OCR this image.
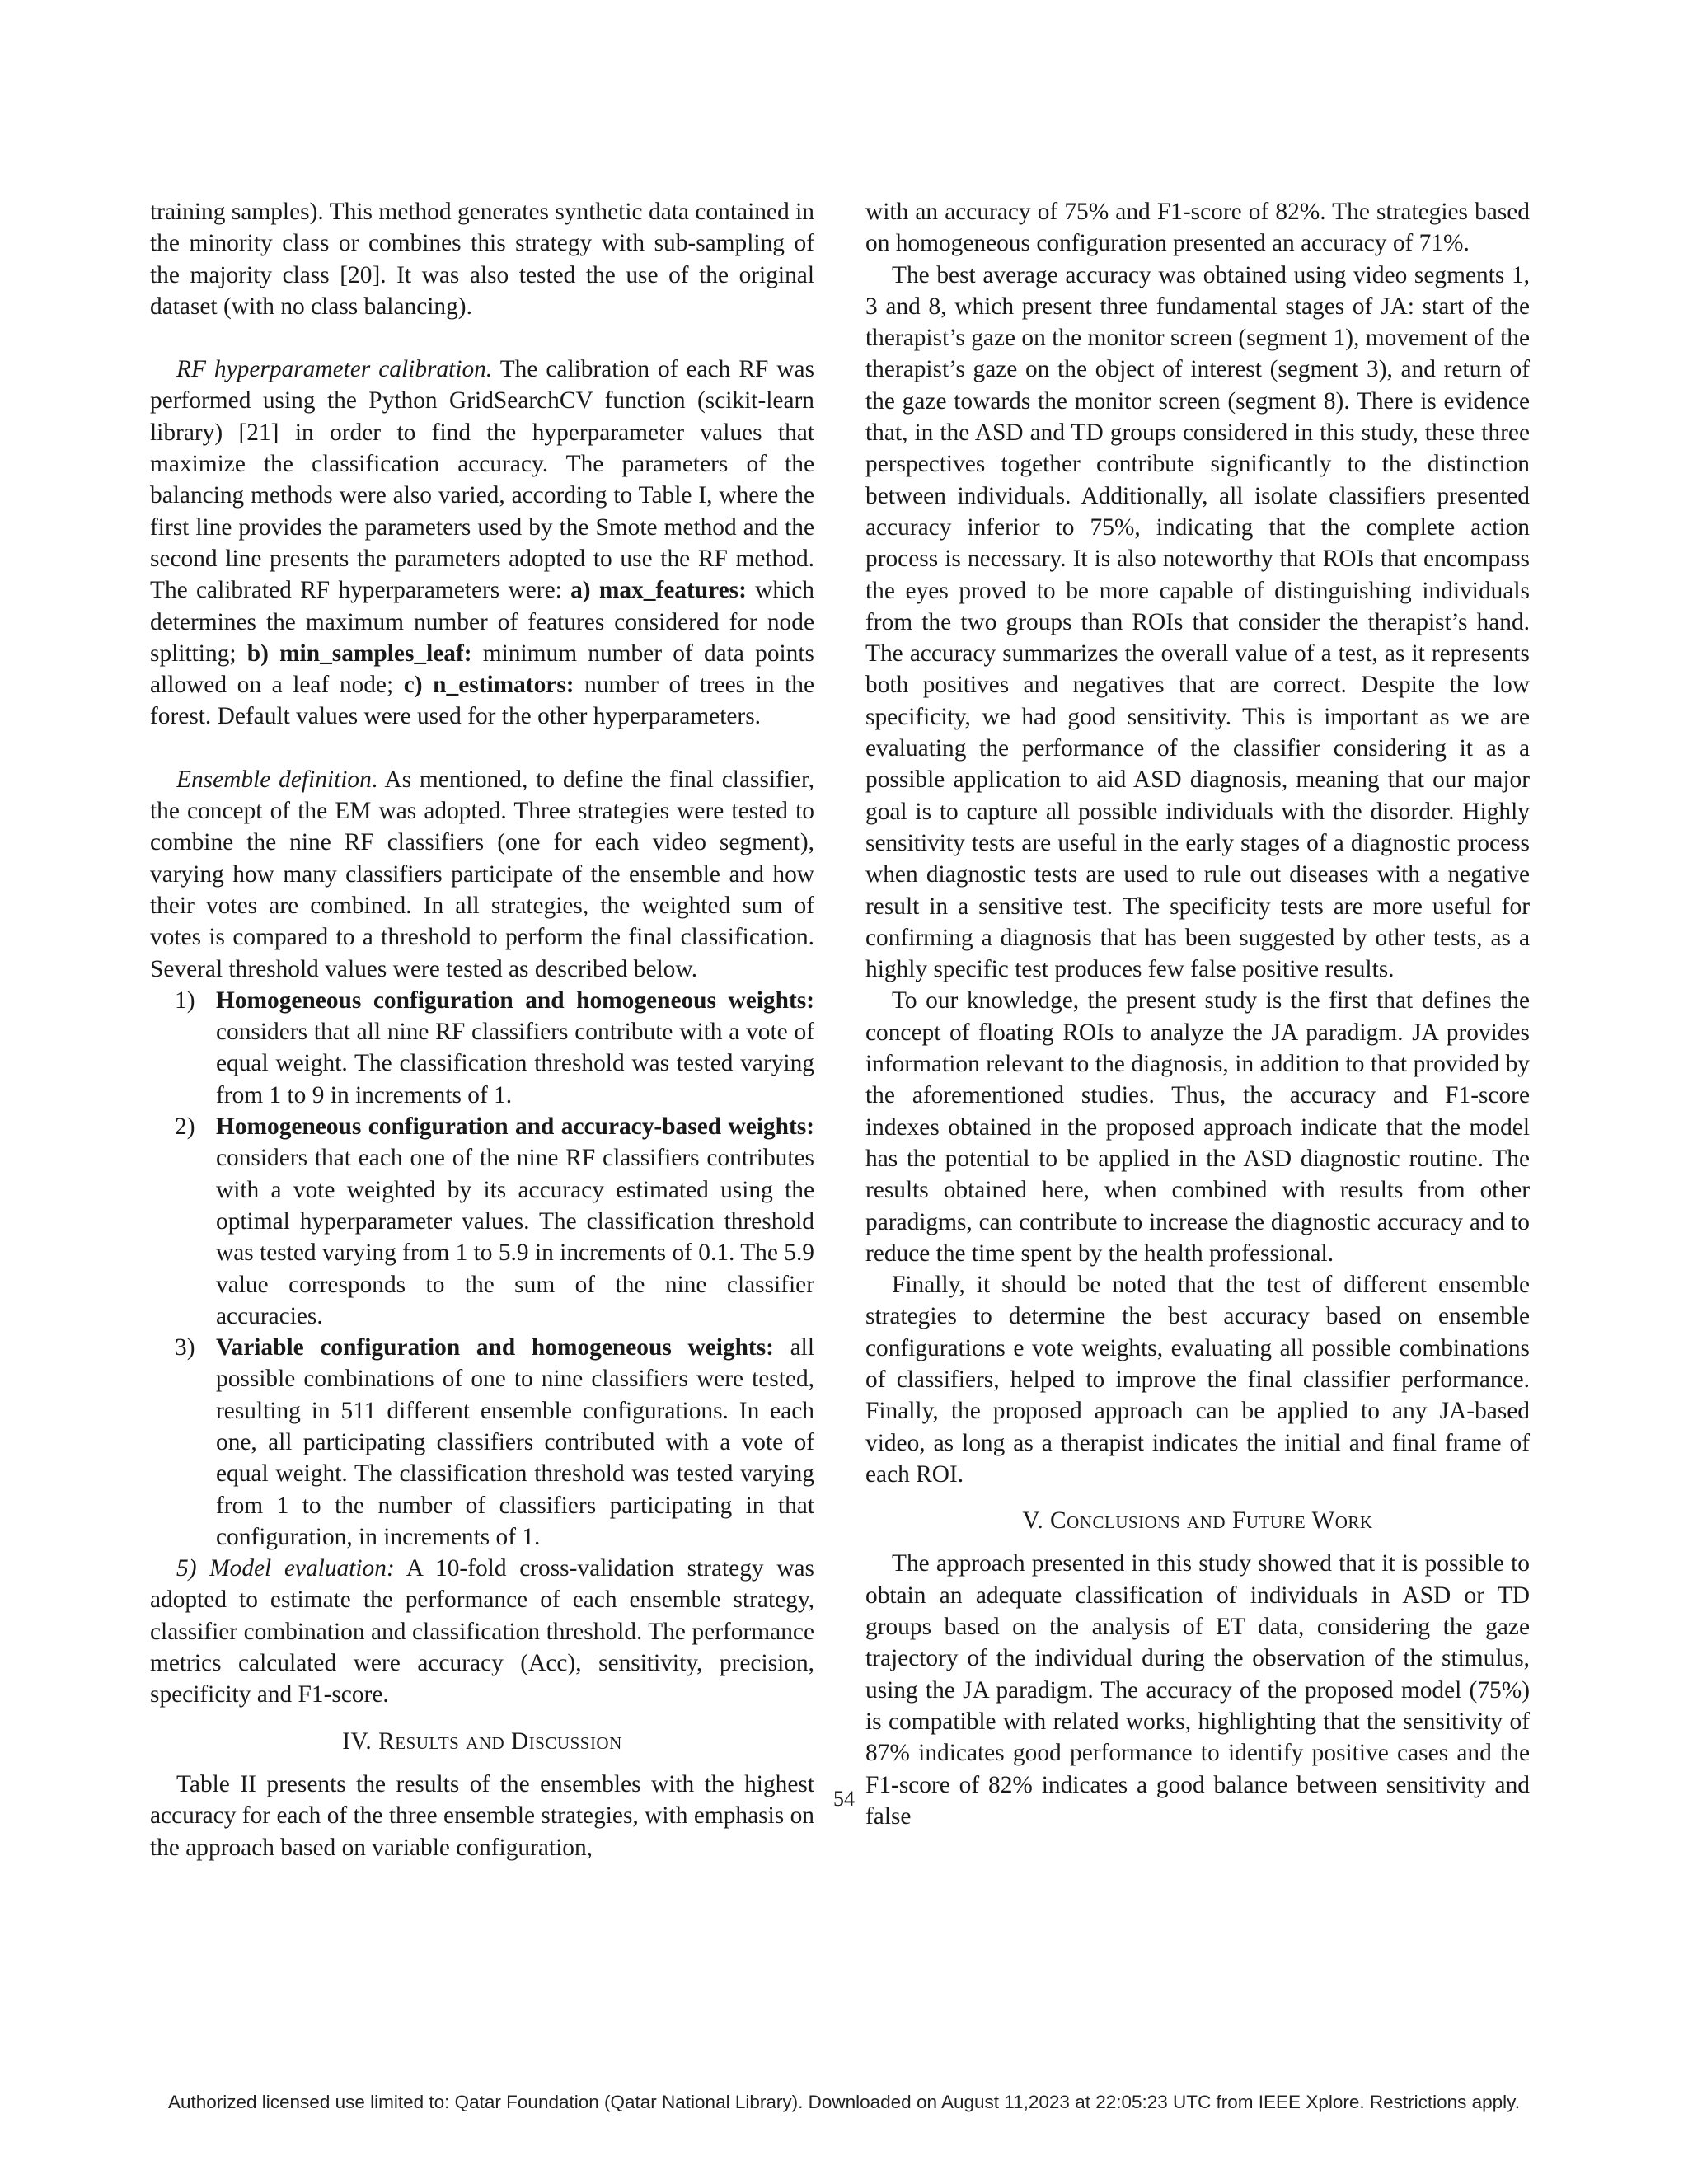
training samples). This method generates synthetic data contained in the minority class or combines this strategy with sub-sampling of the majority class [20]. It was also tested the use of the original dataset (with no class balancing).

RF hyperparameter calibration. The calibration of each RF was performed using the Python GridSearchCV function (scikit-learn library) [21] in order to find the hyperparameter values that maximize the classification accuracy. The parameters of the balancing methods were also varied, according to Table I, where the first line provides the parameters used by the Smote method and the second line presents the parameters adopted to use the RF method. The calibrated RF hyperparameters were: a) max_features: which determines the maximum number of features considered for node splitting; b) min_samples_leaf: minimum number of data points allowed on a leaf node; c) n_estimators: number of trees in the forest. Default values were used for the other hyperparameters.

Ensemble definition. As mentioned, to define the final classifier, the concept of the EM was adopted. Three strategies were tested to combine the nine RF classifiers (one for each video segment), varying how many classifiers participate of the ensemble and how their votes are combined. In all strategies, the weighted sum of votes is compared to a threshold to perform the final classification. Several threshold values were tested as described below.

1) Homogeneous configuration and homogeneous weights: considers that all nine RF classifiers contribute with a vote of equal weight. The classification threshold was tested varying from 1 to 9 in increments of 1.
2) Homogeneous configuration and accuracy-based weights: considers that each one of the nine RF classifiers contributes with a vote weighted by its accuracy estimated using the optimal hyperparameter values. The classification threshold was tested varying from 1 to 5.9 in increments of 0.1. The 5.9 value corresponds to the sum of the nine classifier accuracies.
3) Variable configuration and homogeneous weights: all possible combinations of one to nine classifiers were tested, resulting in 511 different ensemble configurations. In each one, all participating classifiers contributed with a vote of equal weight. The classification threshold was tested varying from 1 to the number of classifiers participating in that configuration, in increments of 1.

5) Model evaluation: A 10-fold cross-validation strategy was adopted to estimate the performance of each ensemble strategy, classifier combination and classification threshold. The performance metrics calculated were accuracy (Acc), sensitivity, precision, specificity and F1-score.

IV. Results and Discussion

Table II presents the results of the ensembles with the highest accuracy for each of the three ensemble strategies, with emphasis on the approach based on variable configuration,

with an accuracy of 75% and F1-score of 82%. The strategies based on homogeneous configuration presented an accuracy of 71%.

The best average accuracy was obtained using video segments 1, 3 and 8, which present three fundamental stages of JA: start of the therapist’s gaze on the monitor screen (segment 1), movement of the therapist’s gaze on the object of interest (segment 3), and return of the gaze towards the monitor screen (segment 8). There is evidence that, in the ASD and TD groups considered in this study, these three perspectives together contribute significantly to the distinction between individuals. Additionally, all isolate classifiers presented accuracy inferior to 75%, indicating that the complete action process is necessary. It is also noteworthy that ROIs that encompass the eyes proved to be more capable of distinguishing individuals from the two groups than ROIs that consider the therapist’s hand. The accuracy summarizes the overall value of a test, as it represents both positives and negatives that are correct. Despite the low specificity, we had good sensitivity. This is important as we are evaluating the performance of the classifier considering it as a possible application to aid ASD diagnosis, meaning that our major goal is to capture all possible individuals with the disorder. Highly sensitivity tests are useful in the early stages of a diagnostic process when diagnostic tests are used to rule out diseases with a negative result in a sensitive test. The specificity tests are more useful for confirming a diagnosis that has been suggested by other tests, as a highly specific test produces few false positive results.

To our knowledge, the present study is the first that defines the concept of floating ROIs to analyze the JA paradigm. JA provides information relevant to the diagnosis, in addition to that provided by the aforementioned studies. Thus, the accuracy and F1-score indexes obtained in the proposed approach indicate that the model has the potential to be applied in the ASD diagnostic routine. The results obtained here, when combined with results from other paradigms, can contribute to increase the diagnostic accuracy and to reduce the time spent by the health professional.

Finally, it should be noted that the test of different ensemble strategies to determine the best accuracy based on ensemble configurations e vote weights, evaluating all possible combinations of classifiers, helped to improve the final classifier performance. Finally, the proposed approach can be applied to any JA-based video, as long as a therapist indicates the initial and final frame of each ROI.

V. Conclusions and Future Work

The approach presented in this study showed that it is possible to obtain an adequate classification of individuals in ASD or TD groups based on the analysis of ET data, considering the gaze trajectory of the individual during the observation of the stimulus, using the JA paradigm. The accuracy of the proposed model (75%) is compatible with related works, highlighting that the sensitivity of 87% indicates good performance to identify positive cases and the F1-score of 82% indicates a good balance between sensitivity and false

54
Authorized licensed use limited to: Qatar Foundation (Qatar National Library). Downloaded on August 11,2023 at 22:05:23 UTC from IEEE Xplore. Restrictions apply.
